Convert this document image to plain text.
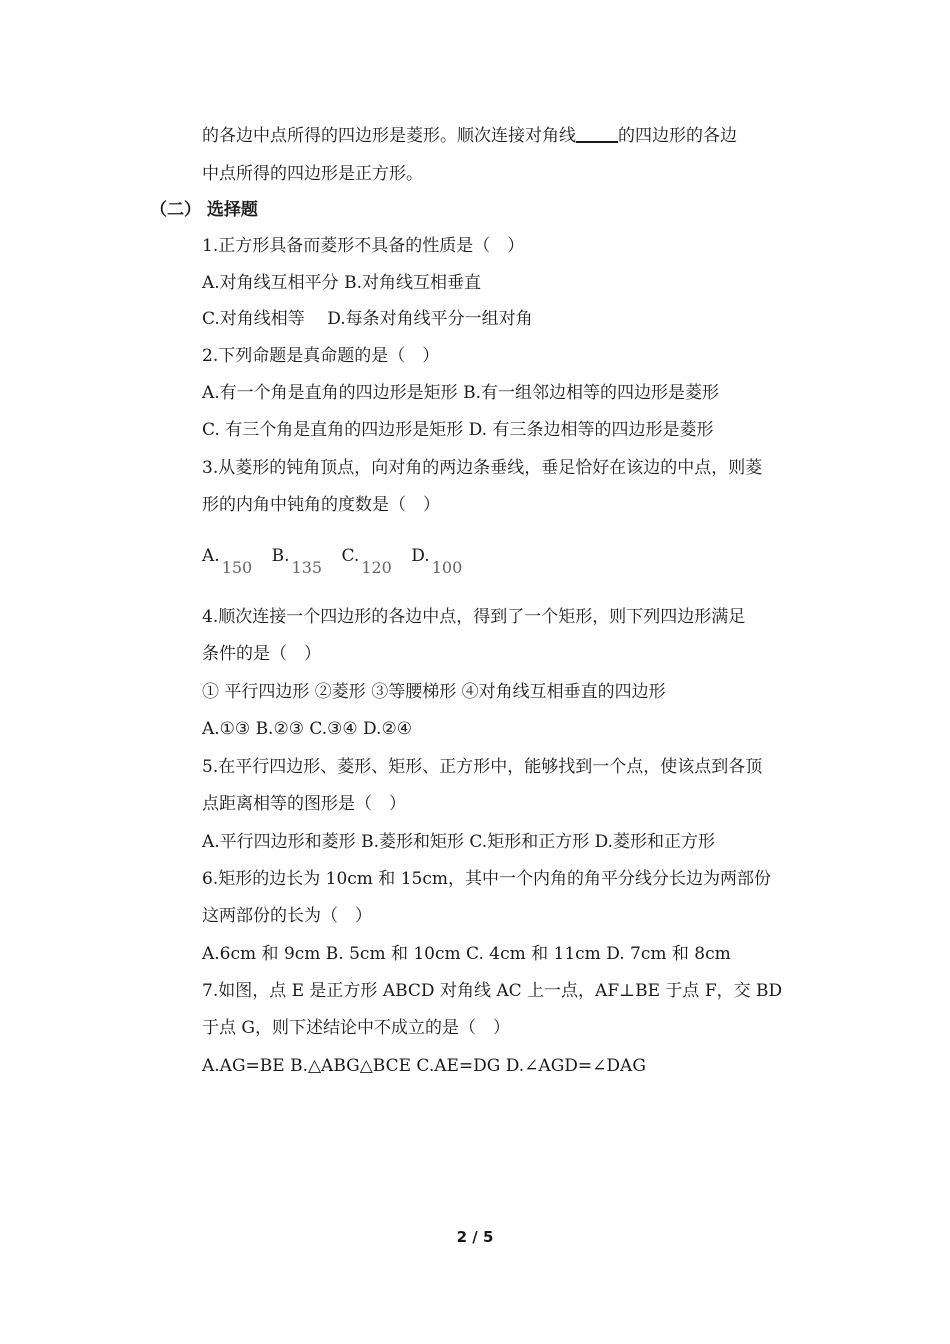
的各边中点所得的四边形是菱形。顺次连接对角线 的四边形的各边
中点所得的四边形是正方形。
（二） 选择题
1.正方形具备而菱形不具备的性质是（　）
A.对角线互相平分 B.对角线互相垂直
C.对角线相等　 D.每条对角线平分一组对角
2.下列命题是真命题的是（　）
A.有一个角是直角的四边形是矩形 B.有一组邻边相等的四边形是菱形
C. 有三个角是直角的四边形是矩形 D. 有三条边相等的四边形是菱形
3.从菱形的钝角顶点，向对角的两边条垂线，垂足恰好在该边的中点，则菱
形的内角中钝角的度数是（　）
A.150 B.135 C.120 D.100
4.顺次连接一个四边形的各边中点，得到了一个矩形，则下列四边形满足
条件的是（　）
① 平行四边形 ②菱形 ③等腰梯形 ④对角线互相垂直的四边形
A.①③ B.②③ C.③④ D.②④
5.在平行四边形、菱形、矩形、正方形中，能够找到一个点，使该点到各顶
点距离相等的图形是（　）
A.平行四边形和菱形 B.菱形和矩形 C.矩形和正方形 D.菱形和正方形
6.矩形的边长为 10cm 和 15cm，其中一个内角的角平分线分长边为两部份
这两部份的长为（　）
A.6cm 和 9cm B. 5cm 和 10cm C. 4cm 和 11cm D. 7cm 和 8cm
7.如图，点 E 是正方形 ABCD 对角线 AC 上一点，AF⊥BE 于点 F，交 BD
于点 G，则下述结论中不成立的是（　）
A.AG=BE B.△ABG△BCE C.AE=DG D.∠AGD=∠DAG
2 / 5
